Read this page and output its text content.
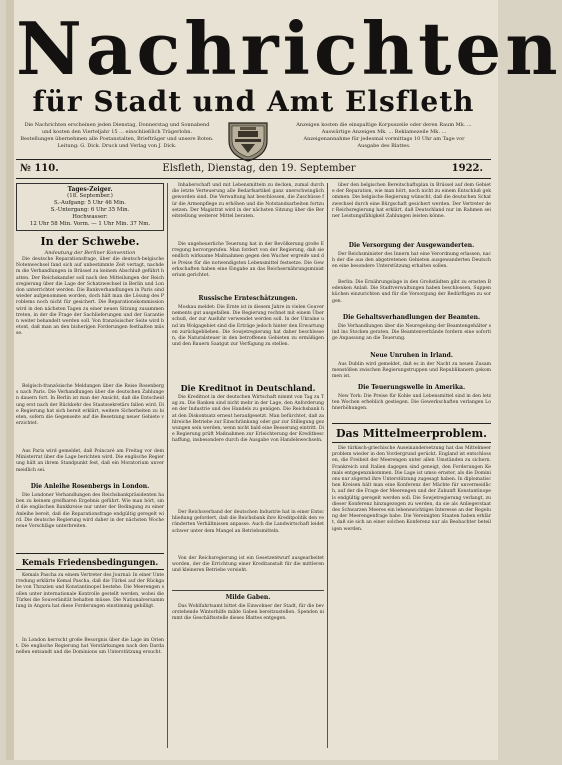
Nachrichten
für Stadt und Amt Elsfleth
Die Nachrichten erscheinen jeden Dienstag, Donnerstag und Sonnabend
und kosten den Vierteljahr 15 ... einschließlich Trägerlohn.
Bestellungen übernehmen alle Postanstalten, Briefträger und unsere Boten.
Leitung: G. Dick. Druck und Verlag von J. Dick.
Anzeigen kosten die einspaltige Korpuszeile oder deren Raum Mk. ...
Auswärtige Anzeigen Mk. ... Reklamezeile Mk. ...
Anzeigenannahme für jedesmal vormittags 10 Uhr am Tage vor
Ausgabe des Blattes.
№ 110.	Elsfleth, Dienstag, den 19. September	1922.
Tages-Zeiger.
(18. September.)
S.-Aufgang: 5 Uhr 46 Min.
S.-Untergang: 6 Uhr 35 Min.
Hochwasser:
12 Uhr 58 Min. Vorm. — 1 Uhr Min. 37 Nm.
In der Schwebe.
Andeutung der Berliner Konvention
Die deutsche Reparationsfrage, über die deutsch-belgische Notenwechsel fand sich auf unbestimmte Zeit vertagt, nachdem die Verhandlungen in Brüssel zu keinem Abschluß geführt hatten. Der Reichskanzler soll nach den Mitteilungen der Reichsregierung über die Lage der Schatzwechsel in Berlin und London unterrichtet werden. Die Bankverhandlungen in Paris sind wieder aufgenommen worden, doch hält man die Lösung des Problems noch nicht für gesichert. Die Reparationskommission wird in den nächsten Tagen zu einer neuen Sitzung zusammentreten, in der die Frage der Sachlieferungen und der Garantien weiter behandelt werden soll. Von französischer Seite wird betont, daß man an den bisherigen Forderungen festhalten müsse.
Belgisch-französische Meldungen über die Reise Rosenbergs nach Paris. Die Verhandlungen über die deutschen Zahlungen dauern fort. In Berlin ist man der Ansicht, daß die Entscheidung erst nach der Rückkehr des Staatssekretärs fallen wird. Die Regierung hat sich bereit erklärt, weitere Sicherheiten zu bieten, sofern die Gegenseite auf die Besetzung neuer Gebiete verzichtet.
Aus Paris wird gemeldet, daß Poincaré am Freitag vor dem Ministerrat über die Lage berichten wird. Die englische Regierung hält an ihrem Standpunkt fest, daß ein Moratorium unvermeidlich sei.
Die Anleihe Rosenbergs in London.
Die Londoner Verhandlungen des Reichsbankpräsidenten haben zu keinem greifbaren Ergebnis geführt. Wie man hört, sind die englischen Bankkreise nur unter der Bedingung zu einer Anleihe bereit, daß die Reparationsfrage endgültig geregelt wird. Die deutsche Regierung wird daher in der nächsten Woche neue Vorschläge unterbreiten.
Kemals Friedensbedingungen.
Kemals Pascha zu einem Vertreter des Journal: In einer Unterredung erklärte Kemal Pascha, daß die Türkei auf der Rückgabe von Thrazien und Konstantinopel bestehe. Die Meerengen sollen unter internationale Kontrolle gestellt werden, wobei die Türkei die Souveränität behalten müsse. Die Nationalversammlung in Angora hat diese Forderungen einstimmig gebilligt.
In London herrscht große Besorgnis über die Lage im Orient. Die englische Regierung hat Verstärkungen nach den Dardanellen entsandt und die Dominions um Unterstützung ersucht.
Inhaberschaft und mit Lebensmitteln zu decken, zumal durch die letzte Verteuerung alle Bedarfsartikel ganz unerschwinglich geworden sind. Die Verwaltung hat beschlossen, die Zuschüsse für die Armenpflege zu erhöhen und die Notstandsarbeiten fortzusetzen. Der Magistrat wird in der nächsten Sitzung über die Bereitstellung weiterer Mittel beraten.
Die ungeheuerliche Teuerung hat in der Bevölkerung große Erregung hervorgerufen. Man fordert von der Regierung, daß sie endlich wirksame Maßnahmen gegen den Wucher ergreife und die Preise für die notwendigsten Lebensmittel festsetze. Die Gewerkschaften haben eine Eingabe an das Reichsernährungsministerium gerichtet.
Russische Ernteschätzungen.
Moskau meldet: Die Ernte ist in diesem Jahre in vielen Gouvernements gut ausgefallen. Die Regierung rechnet mit einem Überschuß, der zur Ausfuhr verwendet werden soll. In der Ukraine und im Wolgagebiet sind die Erträge jedoch hinter den Erwartungen zurückgeblieben. Die Sowjetregierung hat daher beschlossen, die Naturalsteuer in den betroffenen Gebieten zu ermäßigen und den Bauern Saatgut zur Verfügung zu stellen.
Die Kreditnot in Deutschland.
Die Kreditnot in der deutschen Wirtschaft nimmt von Tag zu Tag zu. Die Banken sind nicht mehr in der Lage, den Anforderungen der Industrie und des Handels zu genügen. Die Reichsbank hat den Diskontsatz erneut heraufgesetzt. Man befürchtet, daß zahlreiche Betriebe zur Einschränkung oder gar zur Stillegung gezwungen sein werden, wenn nicht bald eine Besserung eintritt. Die Regierung prüft Maßnahmen zur Erleichterung der Kreditbeschaffung, insbesondere durch die Ausgabe von Handelswechseln.
Der Reichsverband der deutschen Industrie hat in einer Entschließung gefordert, daß die Reichsbank ihre Kreditpolitik den veränderten Verhältnissen anpasse. Auch die Landwirtschaft leidet schwer unter dem Mangel an Betriebsmitteln.
Von der Reichsregierung ist ein Gesetzentwurf ausgearbeitet worden, der die Errichtung einer Kreditanstalt für die mittleren und kleineren Betriebe vorsieht.
Milde Gaben.
Das Wohlfahrtsamt bittet die Einwohner der Stadt, für die bevorstehende Winterhilfe milde Gaben bereitzustellen. Spenden nimmt die Geschäftsstelle dieses Blattes entgegen.
über den belgischen Bereitschaftsplan in Brüssel auf dem Gebiete der Reparation, wie man hört, noch nicht zu einem Entschluß gekommen. Die belgische Regierung wünscht, daß die deutschen Schatzwechsel durch eine Bürgschaft gesichert werden. Der Vertreter der Reichsregierung hat erklärt, daß Deutschland nur im Rahmen seiner Leistungsfähigkeit Zahlungen leisten könne.
Die Versorgung der Ausgewanderten.
Der Reichsminister des Innern hat eine Verordnung erlassen, nach der die aus den abgetretenen Gebieten ausgewanderten Deutschen eine besondere Unterstützung erhalten sollen.
Berlin: Die Ernährungslage in den Großstädten gibt zu ernsten Bedenken Anlaß. Die Stadtverwaltungen haben beschlossen, Suppenküchen einzurichten und für die Versorgung der Bedürftigen zu sorgen.
Die Gehaltsverhandlungen der Beamten.
Die Verhandlungen über die Neuregelung der Beamtengehälter sind ins Stocken geraten. Die Beamtenverbände fordern eine sofortige Anpassung an die Teuerung.
Neue Unruhen in Irland.
Aus Dublin wird gemeldet, daß es in der Nacht zu neuen Zusammenstößen zwischen Regierungstruppen und Republikanern gekommen ist.
Die Teuerungswelle in Amerika.
New York: Die Preise für Kohle und Lebensmittel sind in den letzten Wochen erheblich gestiegen. Die Gewerkschaften verlangen Lohnerhöhungen.
Das Mittelmeerproblem.
Die türkisch-griechische Auseinandersetzung hat das Mittelmeerproblem wieder in den Vordergrund gerückt. England ist entschlossen, die Freiheit der Meerengen unter allen Umständen zu sichern. Frankreich und Italien dagegen sind geneigt, den Forderungen Kemals entgegenzukommen. Die Lage ist umso ernster, als die Dominions nur zögernd ihre Unterstützung zugesagt haben. In diplomatischen Kreisen hält man eine Konferenz der Mächte für unvermeidlich, auf der die Frage der Meerengen und der Zukunft Konstantinopels endgültig geregelt werden soll. Die Sowjetregierung verlangt, zu dieser Konferenz hinzugezogen zu werden, da sie als Anliegerstaat des Schwarzen Meeres ein lebenswichtiges Interesse an der Regelung der Meerengenfrage habe. Die Vereinigten Staaten haben erklärt, daß sie sich an einer solchen Konferenz nur als Beobachter beteiligen werden.
